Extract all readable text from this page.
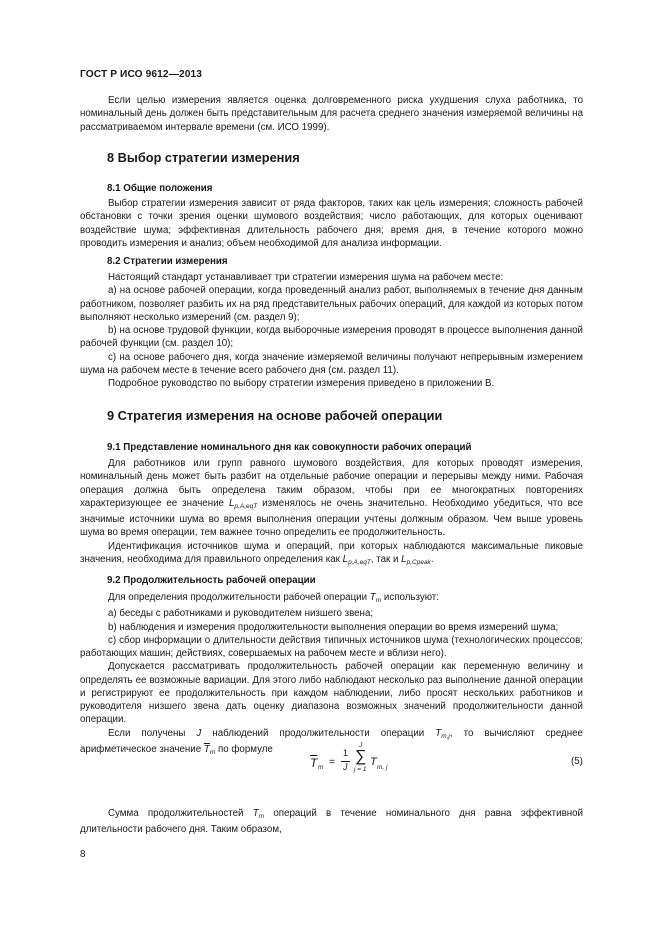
ГОСТ Р ИСО 9612—2013

Если целью измерения является оценка долговременного риска ухудшения слуха работника, то номинальный день должен быть представительным для расчета среднего значения измеряемой величины на рассматриваемом интервале времени (см. ИСО 1999).

8 Выбор стратегии измерения
8.1 Общие положения

Выбор стратегии измерения зависит от ряда факторов, таких как цель измерения; сложность рабочей обстановки с точки зрения оценки шумового воздействия; число работающих, для которых оценивают воздействие шума; эффективная длительность рабочего дня; время дня, в течение которого можно проводить измерения и анализ; объем необходимой для анализа информации.

8.2 Стратегии измерения

Настоящий стандарт устанавливает три стратегии измерения шума на рабочем месте:

а) на основе рабочей операции, когда проведенный анализ работ, выполняемых в течение дня данным работником, позволяет разбить их на ряд представительных рабочих операций, для каждой из которых потом выполняют несколько измерений (см. раздел 9);

b) на основе трудовой функции, когда выборочные измерения проводят в процессе выполнения данной рабочей функции (см. раздел 10);

с) на основе рабочего дня, когда значение измеряемой величины получают непрерывным измерением шума на рабочем месте в течение всего рабочего дня (см. раздел 11).

Подробное руководство по выбору стратегии измерения приведено в приложении В.

9 Стратегия измерения на основе рабочей операции
9.1 Представление номинального дня как совокупности рабочих операций

Для работников или групп равного шумового воздействия, для которых проводят измерения, номинальный день может быть разбит на отдельные рабочие операции и перерывы между ними. Рабочая операция должна быть определена таким образом, чтобы при ее многократных повторениях характеризующее ее значение $L_{p,A,eqT}$ изменялось не очень значительно. Необходимо убедиться, что все значимые источники шума во время выполнения операции учтены должным образом. Чем выше уровень шума во время операции, тем важнее точно определить ее продолжительность.

Идентификация источников шума и операций, при которых наблюдаются максимальные пиковые значения, необходима для правильного определения как $L_{p,A,eqT}$, так и $L_{p,Cpeak}$.

9.2 Продолжительность рабочей операции

Для определения продолжительности рабочей операции $T_m$ используют:

а) беседы с работниками и руководителем низшего звена;

b) наблюдения и измерения продолжительности выполнения операции во время измерений шума;

с) сбор информации о длительности действия типичных источников шума (технологических процессов; работающих машин; действиях, совершаемых на рабочем месте и вблизи него).

Допускается рассматривать продолжительность рабочей операции как переменную величину и определять ее возможные вариации. Для этого либо наблюдают несколько раз выполнение данной операции и регистрируют ее продолжительность при каждом наблюдении, либо просят нескольких работников и руководителя низшего звена дать оценку диапазона возможных значений продолжительности данной операции.

Если получены J наблюдений продолжительности операции $T_{m,j}$, то вычисляют среднее арифметическое значение $\overline{T}_m$ по формуле

$\overline{T}$ m =
1
J
J
∑
j = 1
T m, j
(5)

Сумма продолжительностей $T_m$ операций в течение номинального дня равна эффективной длительности рабочего дня. Таким образом,

8
